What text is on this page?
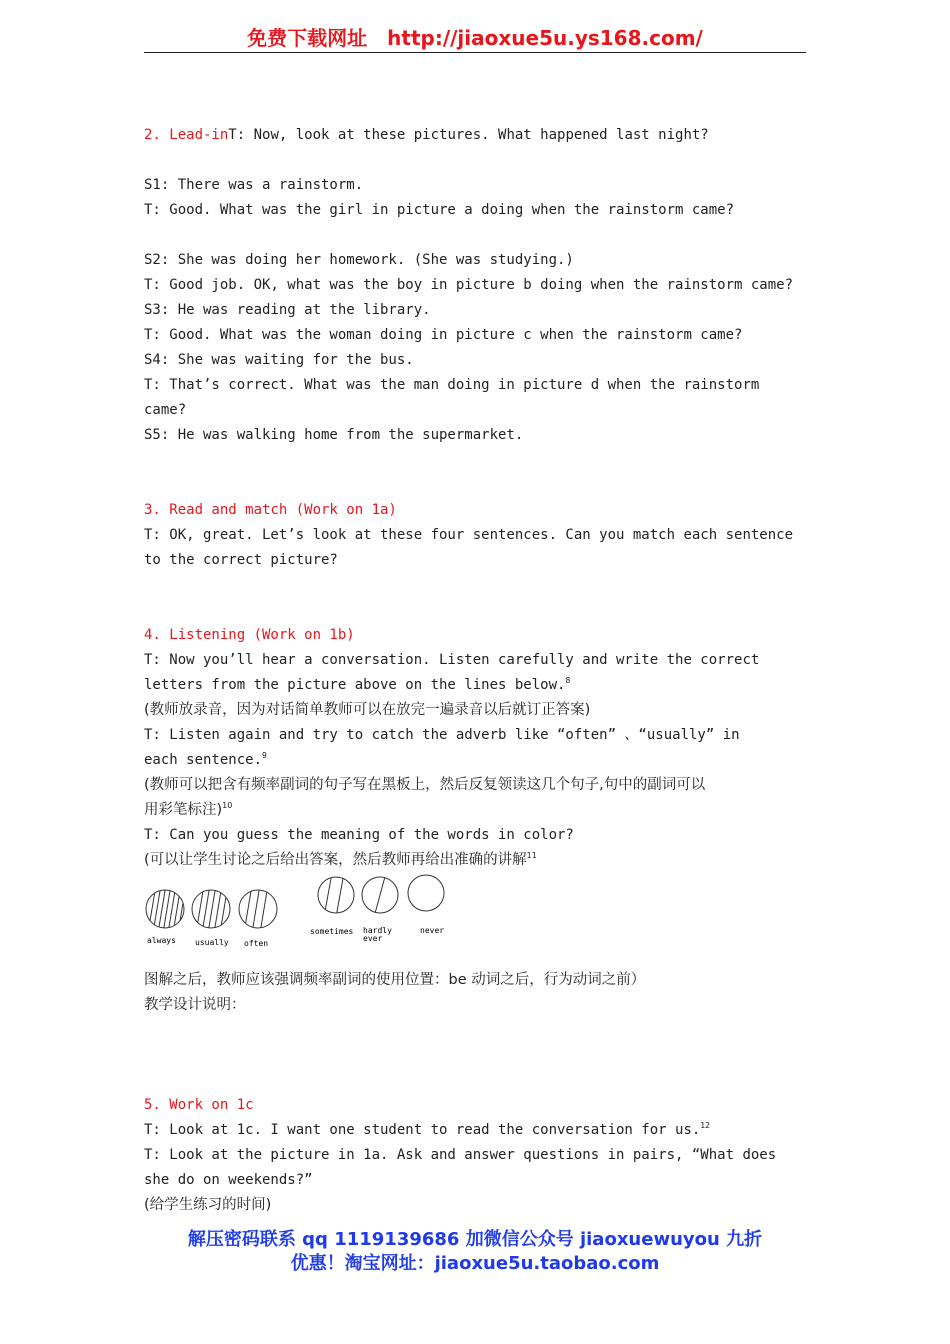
免费下载网址 http://jiaoxue5u.ys168.com/
2. Lead-inT: Now, look at these pictures. What happened last night?
S1: There was a rainstorm.
T: Good. What was the girl in picture a doing when the rainstorm came?
S2: She was doing her homework. (She was studying.)
T: Good job. OK, what was the boy in picture b doing when the rainstorm came?
S3: He was reading at the library.
T: Good. What was the woman doing in picture c when the rainstorm came?
S4: She was waiting for the bus.
T: That’s correct. What was the man doing in picture d when the rainstorm
came?
S5: He was walking home from the supermarket.
3. Read and match (Work on 1a)
T: OK, great. Let’s look at these four sentences. Can you match each sentence
to the correct picture?
4. Listening (Work on 1b)
T: Now you’ll hear a conversation. Listen carefully and write the correct
letters from the picture above on the lines below.$^8$
(教师放录音，因为对话简单教师可以在放完一遍录音以后就订正答案)
T: Listen again and try to catch the adverb like “often” 、“usually” in
each sentence.$^9$
(教师可以把含有频率副词的句子写在黑板上，然后反复领读这几个句子,句中的副词可以
用彩笔标注)$^{10}$
T: Can you guess the meaning of the words in color?
(可以让学生讨论之后给出答案，然后教师再给出准确的讲解$^{11}$
always usually often
sometimes hardly ever
never
图解之后，教师应该强调频率副词的使用位置：be 动词之后，行为动词之前）
教学设计说明：
5. Work on 1c
T: Look at 1c. I want one student to read the conversation for us.$^{12}$
T: Look at the picture in 1a. Ask and answer questions in pairs, “What does
she do on weekends?”
(给学生练习的时间)
解压密码联系 qq 1119139686 加微信公众号 jiaoxuewuyou 九折
优惠！淘宝网址：jiaoxue5u.taobao.com
